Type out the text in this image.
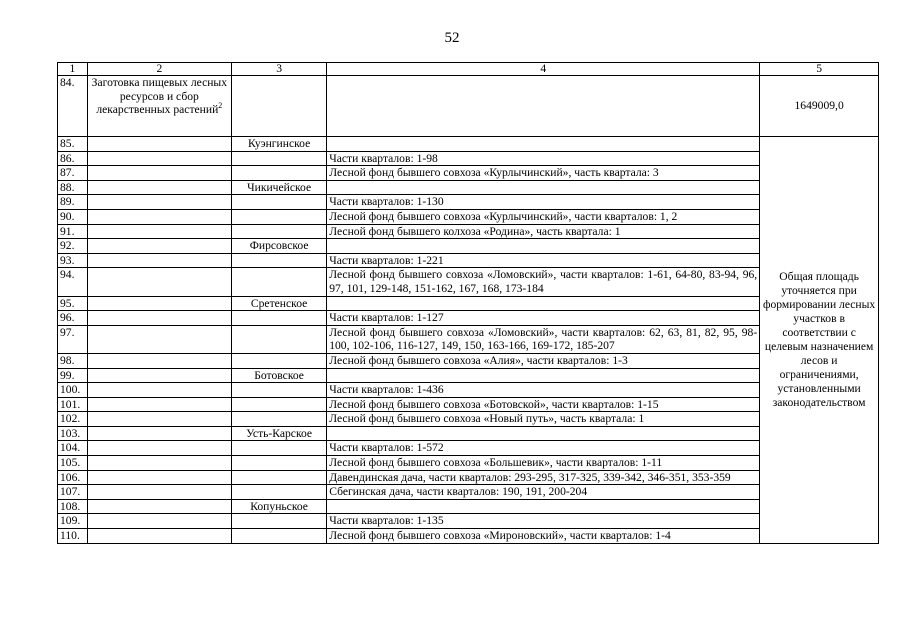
52
1	2	3	4	5
84.	Заготовка пищевых лесных ресурсов и сбор лекарственных растений$^2$			1649009,0
85.		Куэнгинское		Общая площадь уточняется при формировании лесных участков в соответствии с целевым назначением лесов и ограничениями, установленными законодательством
86.			Части кварталов: 1-98	
87.			Лесной фонд бывшего совхоза «Курлычинский», часть квартала: 3	
88.		Чикичейское		
89.			Части кварталов: 1-130	
90.			Лесной фонд бывшего совхоза «Курлычинский», части кварталов: 1, 2	
91.			Лесной фонд бывшего колхоза «Родина», часть квартала: 1	
92.		Фирсовское		
93.			Части кварталов: 1-221	
94.			Лесной фонд бывшего совхоза «Ломовский», части кварталов: 1-61, 64-80, 83-94, 96, 97, 101, 129-148, 151-162, 167, 168, 173-184	
95.		Сретенское		
96.			Части кварталов: 1-127	
97.			Лесной фонд бывшего совхоза «Ломовский», части кварталов: 62, 63, 81, 82, 95, 98-100, 102-106, 116-127, 149, 150, 163-166, 169-172, 185-207	
98.			Лесной фонд бывшего совхоза «Алия», части кварталов: 1-3	
99.		Ботовское		
100.			Части кварталов: 1-436	
101.			Лесной фонд бывшего совхоза «Ботовской», части кварталов: 1-15	
102.			Лесной фонд бывшего совхоза «Новый путь», часть квартала: 1	
103.		Усть-Карское		
104.			Части кварталов: 1-572	
105.			Лесной фонд бывшего совхоза «Большевик», части кварталов: 1-11	
106.			Давендинская дача, части кварталов: 293-295, 317-325, 339-342, 346-351, 353-359	
107.			Сбегинская дача, части кварталов: 190, 191, 200-204	
108.		Копуньское		
109.			Части кварталов: 1-135	
110.			Лесной фонд бывшего совхоза «Мироновский», части кварталов: 1-4	
